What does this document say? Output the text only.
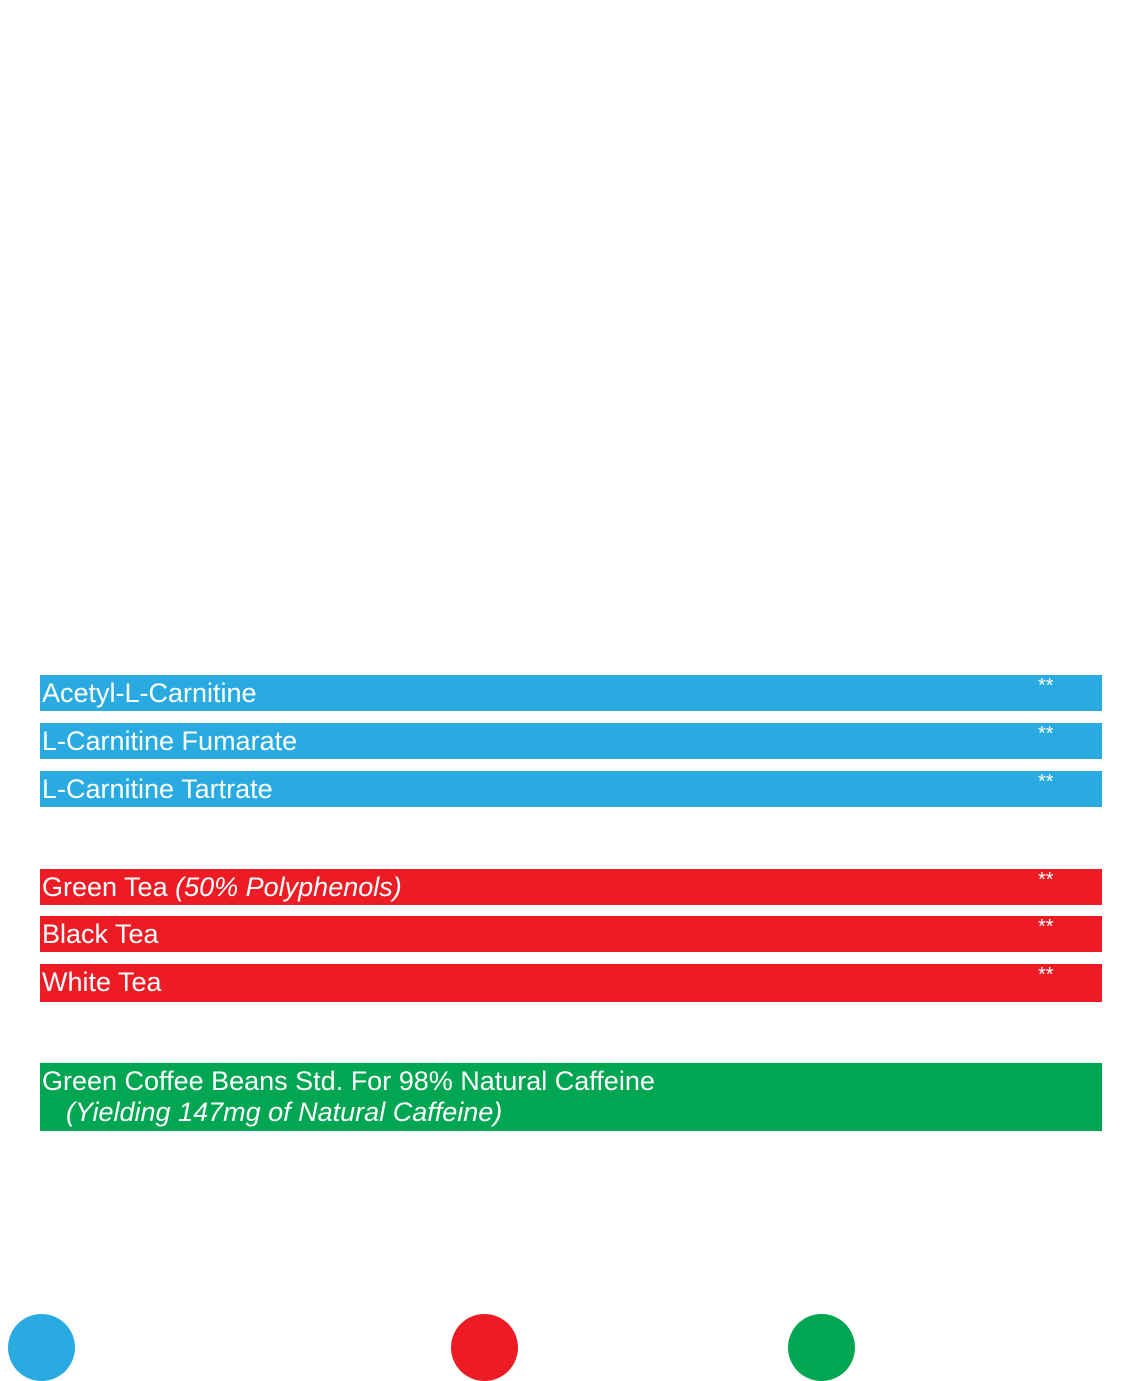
Acetyl-L-Carnitine	**
L-Carnitine Fumarate	**
L-Carnitine Tartrate	**
Green Tea (50% Polyphenols)	**
Black Tea	**
White Tea	**
Green Coffee Beans Std. For 98% Natural Caffeine
(Yielding 147mg of Natural Caffeine)
